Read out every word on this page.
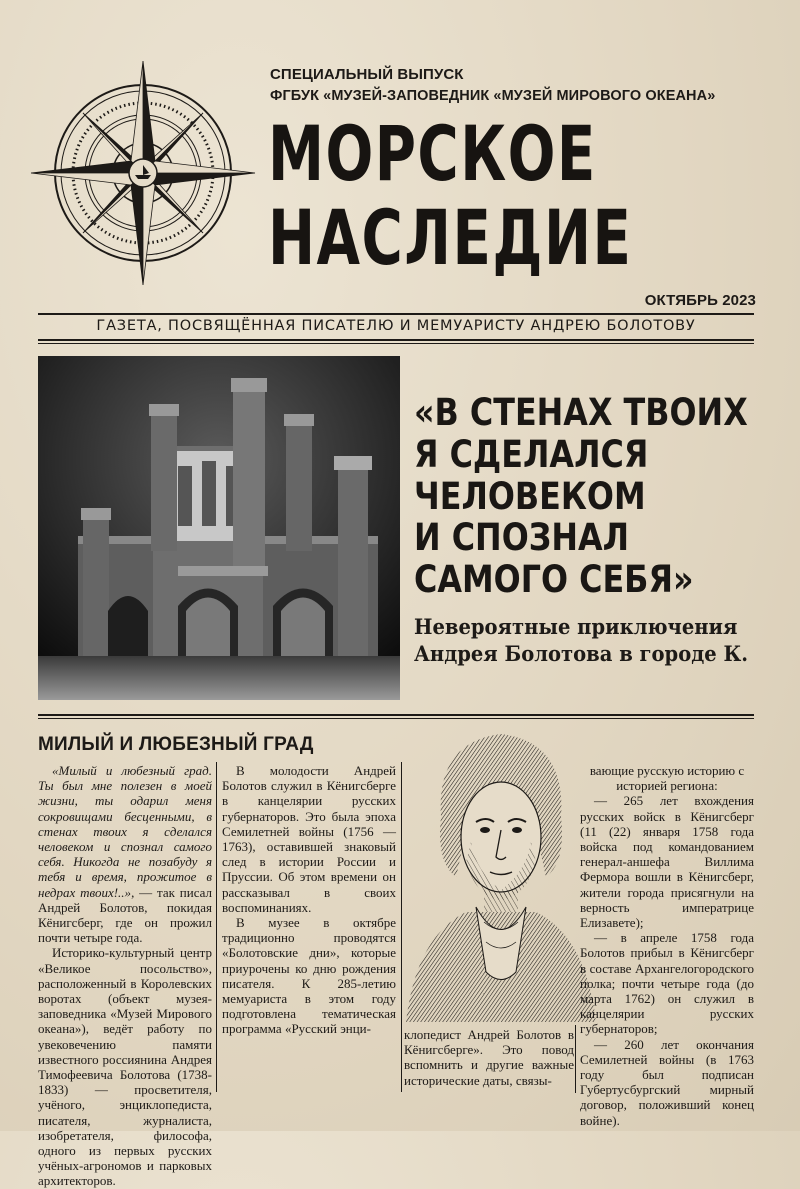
СПЕЦИАЛЬНЫЙ ВЫПУСК
ФГБУК «МУЗЕЙ-ЗАПОВЕДНИК «МУЗЕЙ МИРОВОГО ОКЕАНА»
МОРСКОЕ
НАСЛЕДИЕ
ОКТЯБРЬ 2023
ГАЗЕТА, ПОСВЯЩЁННАЯ ПИСАТЕЛЮ И МЕМУАРИСТУ АНДРЕЮ БОЛОТОВУ
«В СТЕНАХ ТВОИХ
Я СДЕЛАЛСЯ
ЧЕЛОВЕКОМ
И СПОЗНАЛ
САМОГО СЕБЯ»
Невероятные приключения
Андрея Болотова в городе К.
МИЛЫЙ И ЛЮБЕЗНЫЙ ГРАД

«Милый и любезный град. Ты был мне полезен в моей жизни, ты одарил меня сокровищами бесценными, в стенах твоих я сделался человеком и спознал самого себя. Никогда не позабуду я тебя и время, прожитое в недрах твоих!..», — так писал Андрей Болотов, покидая Кёнигсберг, где он прожил почти четыре года.

Историко-культурный центр «Великое посольство», расположенный в Королевских воротах (объект музея-заповедника «Музей Мирового океана»), ведёт работу по увековечению памяти известного россиянина Андрея Тимофеевича Болотова (1738-1833) — просветителя, учёного, энциклопедиста, писателя, журналиста, изобретателя, философа, одного из первых русских учёных-агрономов и парковых архитекторов.

В молодости Андрей Болотов служил в Кёнигсберге в канцелярии русских губернаторов. Это была эпоха Семилетней войны (1756 — 1763), оставившей знаковый след в истории России и Пруссии. Об этом времени он рассказывал в своих воспоминаниях.

В музее в октябре традиционно проводятся «Болотовские дни», которые приурочены ко дню рождения писателя. К 285-летию мемуариста в этом году подготовлена тематическая программа «Русский энци-	клопедист Андрей Болотов в Кёнигсберге». Это повод вспомнить и другие важные исторические даты, связы-

вающие русскую историю с историей региона:

— 265 лет вхождения русских войск в Кёнигсберг (11 (22) января 1758 года войска под командованием генерал-аншефа Виллима Фермора вошли в Кёнигсберг, жители города присягнули на верность императрице Елизавете);

— в апреле 1758 года Болотов прибыл в Кёнигсберг в составе Архангелогородского полка; почти четыре года (до марта 1762) он служил в канцелярии русских губернаторов;

— 260 лет окончания Семилетней войны (в 1763 году был подписан Губертусбургский мирный договор, положивший конец войне).
